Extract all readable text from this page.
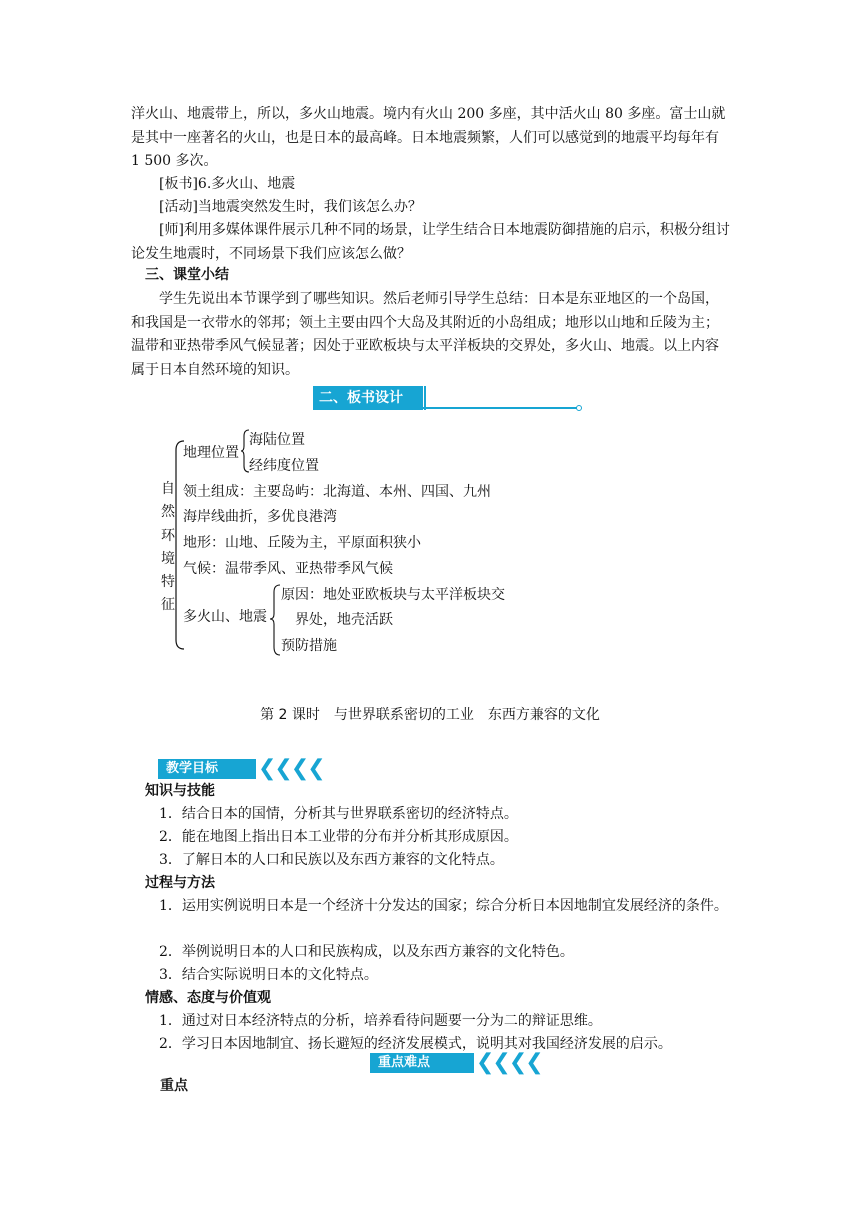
洋火山、地震带上，所以，多火山地震。境内有火山 200 多座，其中活火山 80 多座。富士山就是其中一座著名的火山，也是日本的最高峰。日本地震频繁，人们可以感觉到的地震平均每年有 1 500 多次。

[板书]6.多火山、地震

[活动]当地震突然发生时，我们该怎么办？

[师]利用多媒体课件展示几种不同的场景，让学生结合日本地震防御措施的启示，积极分组讨论发生地震时，不同场景下我们应该怎么做？

三、课堂小结

学生先说出本节课学到了哪些知识。然后老师引导学生总结：日本是东亚地区的一个岛国，和我国是一衣带水的邻邦；领土主要由四个大岛及其附近的小岛组成；地形以山地和丘陵为主；温带和亚热带季风气候显著；因处于亚欧板块与太平洋板块的交界处，多火山、地震。以上内容属于日本自然环境的知识。

二、板书设计
自然环境特征
地理位置
海陆位置
经纬度位置
领土组成：主要岛屿：北海道、本州、四国、九州
海岸线曲折，多优良港湾
地形：山地、丘陵为主，平原面积狭小
气候：温带季风、亚热带季风气候
多火山、地震
原因：地处亚欧板块与太平洋板块交
界处，地壳活跃
预防措施
第 2 课时　与世界联系密切的工业　东西方兼容的文化
教学目标	❮❮❮❮
知识与技能

1．结合日本的国情，分析其与世界联系密切的经济特点。

2．能在地图上指出日本工业带的分布并分析其形成原因。

3．了解日本的人口和民族以及东西方兼容的文化特点。

过程与方法

1．运用实例说明日本是一个经济十分发达的国家；综合分析日本因地制宜发展经济的条件。

2．举例说明日本的人口和民族构成，以及东西方兼容的文化特色。

3．结合实际说明日本的文化特点。

情感、态度与价值观

1．通过对日本经济特点的分析，培养看待问题要一分为二的辩证思维。

2．学习日本因地制宜、扬长避短的经济发展模式，说明其对我国经济发展的启示。

重点难点	❮❮❮❮
重点
